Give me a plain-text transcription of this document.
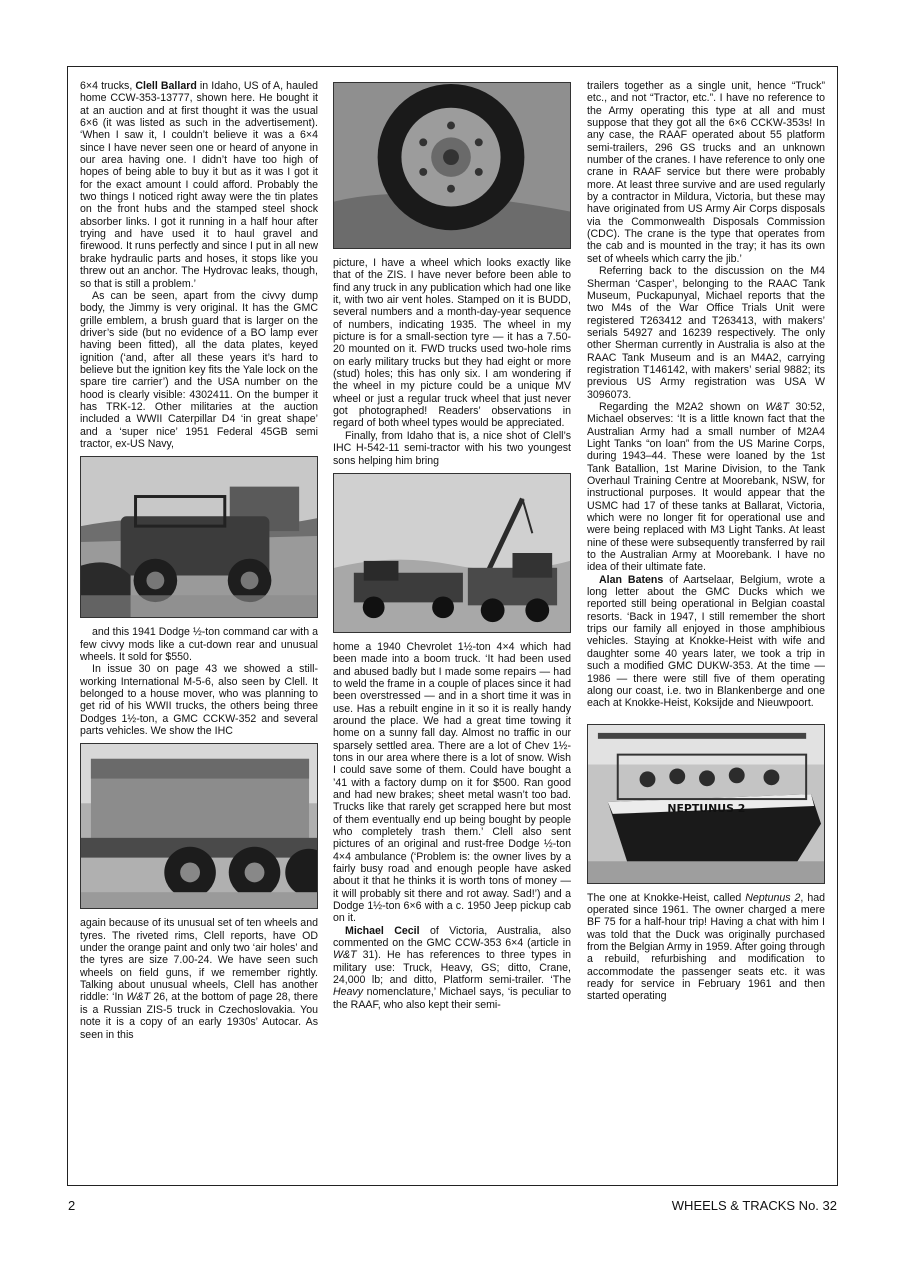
6×4 trucks, Clell Ballard in Idaho, US of A, hauled home CCW-353-13777, shown here. He bought it at an auction and at first thought it was the usual 6×6 (it was listed as such in the advertisement). ‘When I saw it, I couldn’t believe it was a 6×4 since I have never seen one or heard of anyone in our area having one. I didn’t have too high of hopes of being able to buy it but as it was I got it for the exact amount I could afford. Probably the two things I noticed right away were the tin plates on the front hubs and the stamped steel shock absorber links. I got it running in a half hour after trying and have used it to haul gravel and firewood. It runs perfectly and since I put in all new brake hydraulic parts and hoses, it stops like you threw out an anchor. The Hydrovac leaks, though, so that is still a problem.’

As can be seen, apart from the civvy dump body, the Jimmy is very original. It has the GMC grille emblem, a brush guard that is larger on the driver’s side (but no evidence of a BO lamp ever having been fitted), all the data plates, keyed ignition (‘and, after all these years it’s hard to believe but the ignition key fits the Yale lock on the spare tire carrier’) and the USA number on the hood is clearly visible: 4302411. On the bumper it has TRK-12. Other militaries at the auction included a WWII Caterpillar D4 ‘in great shape’ and a ‘super nice’ 1951 Federal 45GB semi tractor, ex-US Navy,

and this 1941 Dodge ½-ton command car with a few civvy mods like a cut-down rear and unusual wheels. It sold for $550.

In issue 30 on page 43 we showed a still-working International M-5-6, also seen by Clell. It belonged to a house mover, who was planning to get rid of his WWII trucks, the others being three Dodges 1½-ton, a GMC CCKW-352 and several parts vehicles. We show the IHC

again because of its unusual set of ten wheels and tyres. The riveted rims, Clell reports, have OD under the orange paint and only two ‘air holes’ and the tyres are size 7.00-24. We have seen such wheels on field guns, if we remember rightly. Talking about unusual wheels, Clell has another riddle: ‘In W&T 26, at the bottom of page 28, there is a Russian ZIS-5 truck in Czechoslovakia. You note it is a copy of an early 1930s’ Autocar. As seen in this

picture, I have a wheel which looks exactly like that of the ZIS. I have never before been able to find any truck in any publication which had one like it, with two air vent holes. Stamped on it is BUDD, several numbers and a month-day-year sequence of numbers, indicating 1935. The wheel in my picture is for a small-section tyre — it has a 7.50-20 mounted on it. FWD trucks used two-hole rims on early military trucks but they had eight or more (stud) holes; this has only six. I am wondering if the wheel in my picture could be a unique MV wheel or just a regular truck wheel that just never got photographed! Readers’ observations in regard of both wheel types would be appreciated.

Finally, from Idaho that is, a nice shot of Clell’s IHC H-542-11 semi-tractor with his two youngest sons helping him bring

home a 1940 Chevrolet 1½-ton 4×4 which had been made into a boom truck. ‘It had been used and abused badly but I made some repairs — had to weld the frame in a couple of places since it had been overstressed — and in a short time it was in use. Has a rebuilt engine in it so it is really handy around the place. We had a great time towing it home on a sunny fall day. Almost no traffic in our sparsely settled area. There are a lot of Chev 1½-tons in our area where there is a lot of snow. Wish I could save some of them. Could have bought a ’41 with a factory dump on it for $500. Ran good and had new brakes; sheet metal wasn’t too bad. Trucks like that rarely get scrapped here but most of them eventually end up being bought by people who completely trash them.’ Clell also sent pictures of an original and rust-free Dodge ½-ton 4×4 ambulance (‘Problem is: the owner lives by a fairly busy road and enough people have asked about it that he thinks it is worth tons of money — it will probably sit there and rot away. Sad!’) and a Dodge 1½-ton 6×6 with a c. 1950 Jeep pickup cab on it.

Michael Cecil of Victoria, Australia, also commented on the GMC CCW-353 6×4 (article in W&T 31). He has references to three types in military use: Truck, Heavy, GS; ditto, Crane, 24,000 lb; and ditto, Platform semi-trailer. ‘The Heavy nomenclature,’ Michael says, ‘is peculiar to the RAAF, who also kept their semi-

trailers together as a single unit, hence “Truck” etc., and not “Tractor, etc.”. I have no reference to the Army operating this type at all and must suppose that they got all the 6×6 CCKW-353s! In any case, the RAAF operated about 55 platform semi-trailers, 296 GS trucks and an unknown number of the cranes. I have reference to only one crane in RAAF service but there were probably more. At least three survive and are used regularly by a contractor in Mildura, Victoria, but these may have originated from US Army Air Corps disposals via the Commonwealth Disposals Commission (CDC). The crane is the type that operates from the cab and is mounted in the tray; it has its own set of wheels which carry the jib.’

Referring back to the discussion on the M4 Sherman ‘Casper’, belonging to the RAAC Tank Museum, Puckapunyal, Michael reports that the two M4s of the War Office Trials Unit were registered T263412 and T263413, with makers’ serials 54927 and 16239 respectively. The only other Sherman currently in Australia is also at the RAAC Tank Museum and is an M4A2, carrying registration T146142, with makers’ serial 9882; its previous US Army registration was USA W 3096073.

Regarding the M2A2 shown on W&T 30:52, Michael observes: ‘It is a little known fact that the Australian Army had a small number of M2A4 Light Tanks “on loan” from the US Marine Corps, during 1943–44. These were loaned by the 1st Tank Batallion, 1st Marine Division, to the Tank Overhaul Training Centre at Moorebank, NSW, for instructional purposes. It would appear that the USMC had 17 of these tanks at Ballarat, Victoria, which were no longer fit for operational use and were being replaced with M3 Light Tanks. At least nine of these were subsequently transferred by rail to the Australian Army at Moorebank. I have no idea of their ultimate fate.

Alan Batens of Aartselaar, Belgium, wrote a long letter about the GMC Ducks which we reported still being operational in Belgian coastal resorts. ‘Back in 1947, I still remember the short trips our family all enjoyed in those amphibious vehicles. Staying at Knokke-Heist with wife and daughter some 40 years later, we took a trip in such a modified GMC DUKW-353. At the time — 1986 — there were still five of them operating along our coast, i.e. two in Blankenberge and one each at Knokke-Heist, Koksijde and Nieuwpoort.

NEPTUNUS 2

The one at Knokke-Heist, called Neptunus 2, had operated since 1961. The owner charged a mere BF 75 for a half-hour trip! Having a chat with him I was told that the Duck was originally purchased from the Belgian Army in 1959. After going through a rebuild, refurbishing and modification to accommodate the passenger seats etc. it was ready for service in February 1961 and then started operating

2	WHEELS & TRACKS No. 32
